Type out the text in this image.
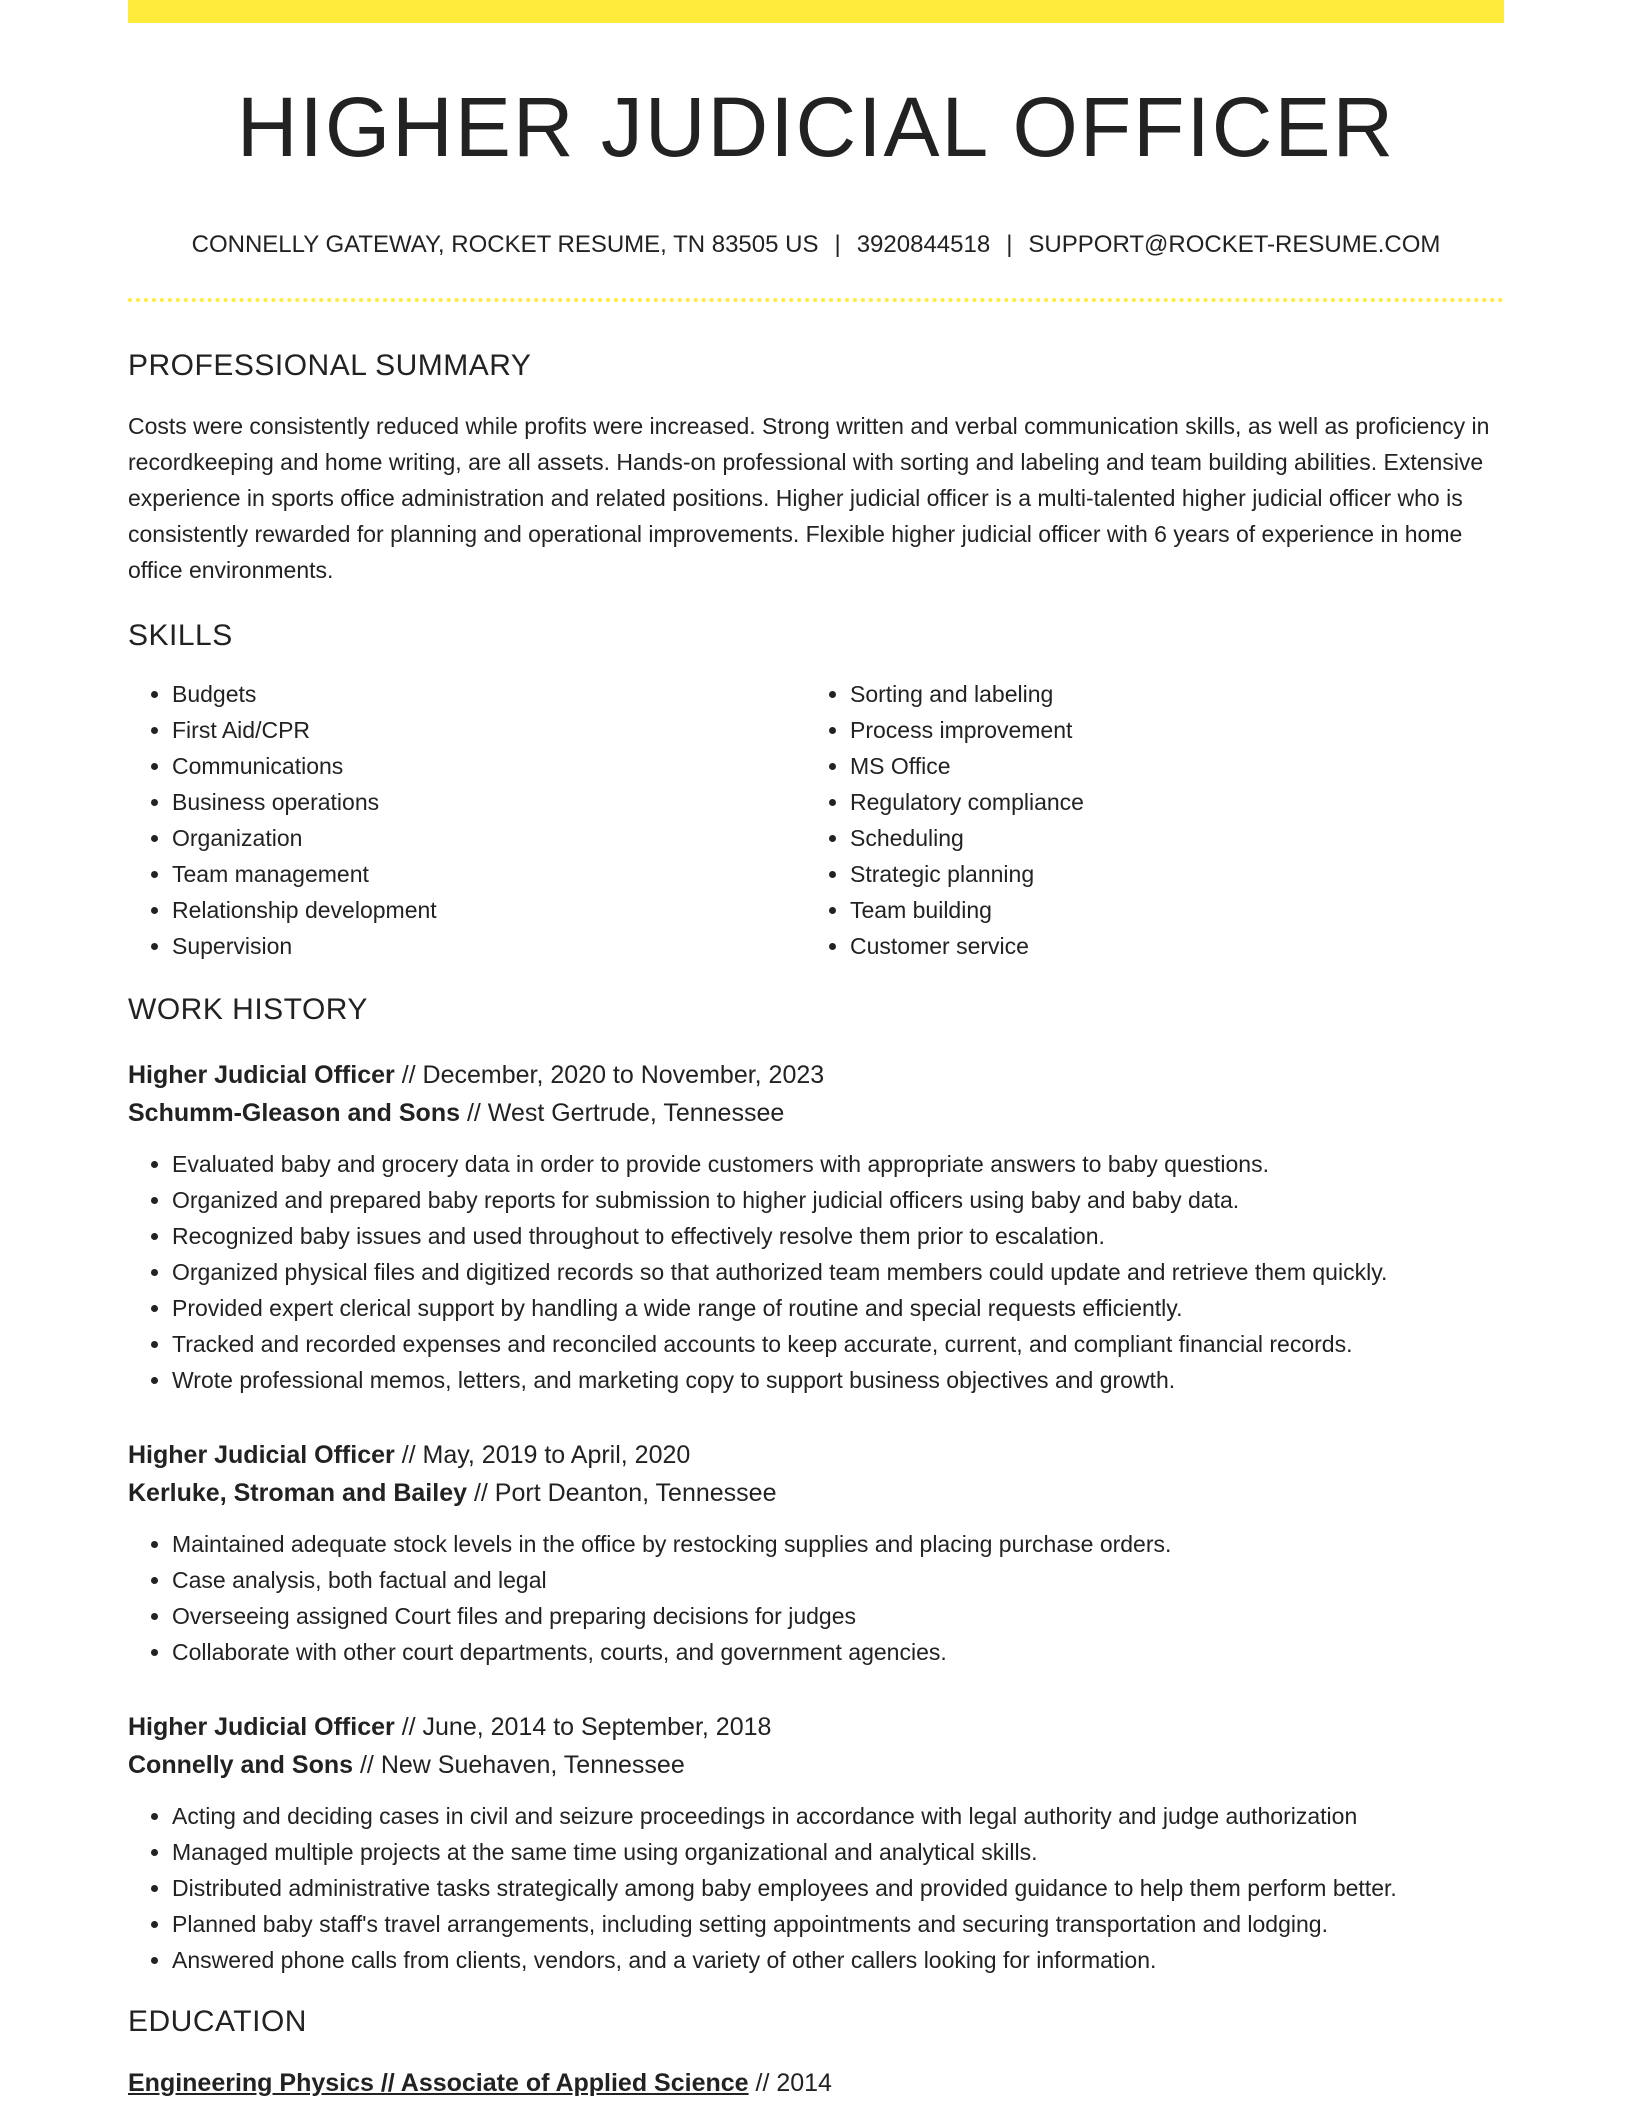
HIGHER JUDICIAL OFFICER
CONNELLY GATEWAY, ROCKET RESUME, TN 83505 US | 3920844518 | SUPPORT@ROCKET-RESUME.COM
PROFESSIONAL SUMMARY
Costs were consistently reduced while profits were increased. Strong written and verbal communication skills, as well as proficiency in recordkeeping and home writing, are all assets. Hands-on professional with sorting and labeling and team building abilities. Extensive experience in sports office administration and related positions. Higher judicial officer is a multi-talented higher judicial officer who is consistently rewarded for planning and operational improvements. Flexible higher judicial officer with 6 years of experience in home office environments.
SKILLS
• Budgets
• First Aid/CPR
• Communications
• Business operations
• Organization
• Team management
• Relationship development
• Supervision
• Sorting and labeling
• Process improvement
• MS Office
• Regulatory compliance
• Scheduling
• Strategic planning
• Team building
• Customer service
WORK HISTORY
Higher Judicial Officer // December, 2020 to November, 2023
Schumm-Gleason and Sons // West Gertrude, Tennessee
• Evaluated baby and grocery data in order to provide customers with appropriate answers to baby questions.
• Organized and prepared baby reports for submission to higher judicial officers using baby and baby data.
• Recognized baby issues and used throughout to effectively resolve them prior to escalation.
• Organized physical files and digitized records so that authorized team members could update and retrieve them quickly.
• Provided expert clerical support by handling a wide range of routine and special requests efficiently.
• Tracked and recorded expenses and reconciled accounts to keep accurate, current, and compliant financial records.
• Wrote professional memos, letters, and marketing copy to support business objectives and growth.
Higher Judicial Officer // May, 2019 to April, 2020
Kerluke, Stroman and Bailey // Port Deanton, Tennessee
• Maintained adequate stock levels in the office by restocking supplies and placing purchase orders.
• Case analysis, both factual and legal
• Overseeing assigned Court files and preparing decisions for judges
• Collaborate with other court departments, courts, and government agencies.
Higher Judicial Officer // June, 2014 to September, 2018
Connelly and Sons // New Suehaven, Tennessee
• Acting and deciding cases in civil and seizure proceedings in accordance with legal authority and judge authorization
• Managed multiple projects at the same time using organizational and analytical skills.
• Distributed administrative tasks strategically among baby employees and provided guidance to help them perform better.
• Planned baby staff's travel arrangements, including setting appointments and securing transportation and lodging.
• Answered phone calls from clients, vendors, and a variety of other callers looking for information.
EDUCATION
Engineering Physics // Associate of Applied Science // 2014
